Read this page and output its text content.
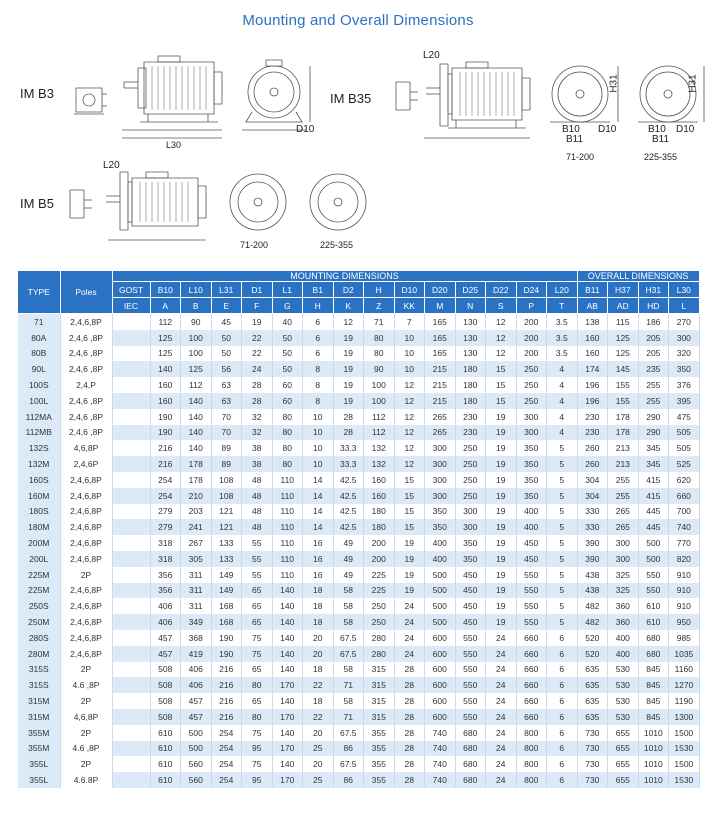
Mounting and Overall Dimensions
IM B3
L30
D10
IM B35
L20
H31
B10 D10
B11
71-200
H31
B10 D10
B11
225-355
IM B5
L20
71-200	225-355
TYPE	Poles	MOUNTING DIMENSIONS															OVERALL DIMENSIONS			
		GOST	B10	L10	L31	D1	L1	B1	D2	H	D10	D20	D25	D22	D24	L20	B11	H37	H31	L30
		IEC	A	B	E	F	G	H	K	Z	KK	M	N	S	P	T	AB	AD	HD	L
71	2,4,6,8P		112	90	45	19	40	6	12	71	7	165	130	12	200	3.5	138	115	186	270
80A	2,4,6 ,8P		125	100	50	22	50	6	19	80	10	165	130	12	200	3.5	160	125	205	300
80B	2,4,6 ,8P		125	100	50	22	50	6	19	80	10	165	130	12	200	3.5	160	125	205	320
90L	2,4,6 ,8P		140	125	56	24	50	8	19	90	10	215	180	15	250	4	174	145	235	350
100S	2,4,P		160	112	63	28	60	8	19	100	12	215	180	15	250	4	196	155	255	376
100L	2,4,6 ,8P		160	140	63	28	60	8	19	100	12	215	180	15	250	4	196	155	255	395
112MA	2,4,6 ,8P		190	140	70	32	80	10	28	112	12	265	230	19	300	4	230	178	290	475
112MB	2,4,6 ,8P		190	140	70	32	80	10	28	112	12	265	230	19	300	4	230	178	290	505
132S	4,6,8P		216	140	89	38	80	10	33.3	132	12	300	250	19	350	5	260	213	345	505
132M	2,4,6P		216	178	89	38	80	10	33.3	132	12	300	250	19	350	5	260	213	345	525
160S	2,4,6,8P		254	178	108	48	110	14	42.5	160	15	300	250	19	350	5	304	255	415	620
160M	2,4,6,8P		254	210	108	48	110	14	42.5	160	15	300	250	19	350	5	304	255	415	660
180S	2,4,6,8P		279	203	121	48	110	14	42.5	180	15	350	300	19	400	5	330	265	445	700
180M	2,4,6,8P		279	241	121	48	110	14	42.5	180	15	350	300	19	400	5	330	265	445	740
200M	2,4,6,8P		318	267	133	55	110	16	49	200	19	400	350	19	450	5	390	300	500	770
200L	2,4,6,8P		318	305	133	55	110	16	49	200	19	400	350	19	450	5	390	300	500	820
225M	2P		356	311	149	55	110	16	49	225	19	500	450	19	550	5	438	325	550	910
225M	2,4,6,8P		356	311	149	65	140	18	58	225	19	500	450	19	550	5	438	325	550	910
250S	2,4,6,8P		406	311	168	65	140	18	58	250	24	500	450	19	550	5	482	360	610	910
250M	2,4,6,8P		406	349	168	65	140	18	58	250	24	500	450	19	550	5	482	360	610	950
280S	2,4,6,8P		457	368	190	75	140	20	67.5	280	24	600	550	24	660	6	520	400	680	985
280M	2,4,6,8P		457	419	190	75	140	20	67.5	280	24	600	550	24	660	6	520	400	680	1035
315S	2P		508	406	216	65	140	18	58	315	28	600	550	24	660	6	635	530	845	1160
315S	4.6 ,8P		508	406	216	80	170	22	71	315	28	600	550	24	660	6	635	530	845	1270
315M	2P		508	457	216	65	140	18	58	315	28	600	550	24	660	6	635	530	845	1190
315M	4,6,8P		508	457	216	80	170	22	71	315	28	600	550	24	660	6	635	530	845	1300
355M	2P		610	500	254	75	140	20	67.5	355	28	740	680	24	800	6	730	655	1010	1500
355M	4.6 ,8P		610	500	254	95	170	25	86	355	28	740	680	24	800	6	730	655	1010	1530
355L	2P		610	560	254	75	140	20	67.5	355	28	740	680	24	800	6	730	655	1010	1500
355L	4.6.8P		610	560	254	95	170	25	86	355	28	740	680	24	800	6	730	655	1010	1530
